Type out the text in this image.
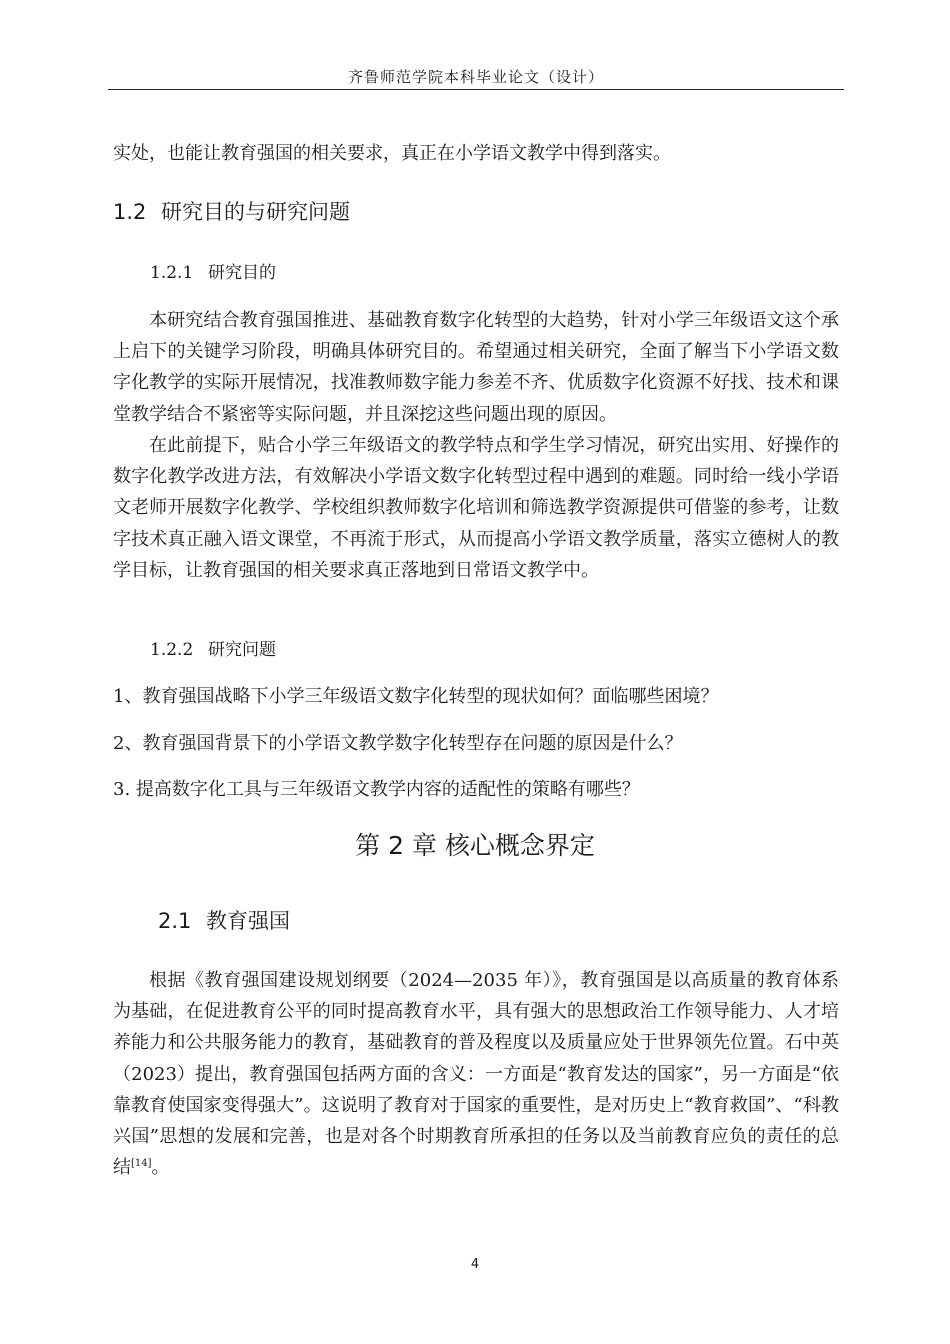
齐鲁师范学院本科毕业论文（设计）

实处，也能让教育强国的相关要求，真正在小学语文教学中得到落实。

1.2 研究目的与研究问题

1.2.1 研究目的

本研究结合教育强国推进、基础教育数字化转型的大趋势，针对小学三年级语文这个承上启下的关键学习阶段，明确具体研究目的。希望通过相关研究，全面了解当下小学语文数字化教学的实际开展情况，找准教师数字能力参差不齐、优质数字化资源不好找、技术和课堂教学结合不紧密等实际问题，并且深挖这些问题出现的原因。

在此前提下，贴合小学三年级语文的教学特点和学生学习情况，研究出实用、好操作的数字化教学改进方法，有效解决小学语文数字化转型过程中遇到的难题。同时给一线小学语文老师开展数字化教学、学校组织教师数字化培训和筛选教学资源提供可借鉴的参考，让数字技术真正融入语文课堂，不再流于形式，从而提高小学语文教学质量，落实立德树人的教学目标，让教育强国的相关要求真正落地到日常语文教学中。

1.2.2 研究问题

1、教育强国战略下小学三年级语文数字化转型的现状如何？面临哪些困境？

2、教育强国背景下的小学语文教学数字化转型存在问题的原因是什么？

3. 提高数字化工具与三年级语文教学内容的适配性的策略有哪些？

第 2 章 核心概念界定

2.1 教育强国

根据《教育强国建设规划纲要（2024—2035 年）》，教育强国是以高质量的教育体系为基础，在促进教育公平的同时提高教育水平，具有强大的思想政治工作领导能力、人才培养能力和公共服务能力的教育，基础教育的普及程度以及质量应处于世界领先位置。石中英（2023）提出，教育强国包括两方面的含义：一方面是“教育发达的国家”，另一方面是“依靠教育使国家变得强大”。这说明了教育对于国家的重要性，是对历史上“教育救国”、“科教兴国”思想的发展和完善，也是对各个时期教育所承担的任务以及当前教育应负的责任的总结[14]。

4
